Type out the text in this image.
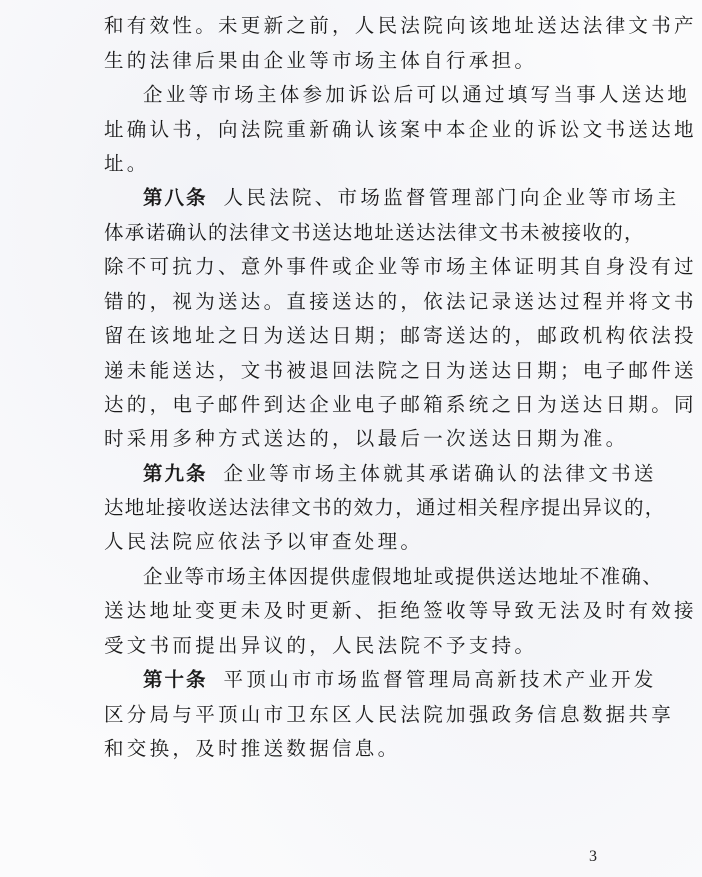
和有效性。未更新之前，人民法院向该地址送达法律文书产
生的法律后果由企业等市场主体自行承担。
企业等市场主体参加诉讼后可以通过填写当事人送达地
址确认书，向法院重新确认该案中本企业的诉讼文书送达地
址。
第八条 人民法院、市场监督管理部门向企业等市场主
体承诺确认的法律文书送达地址送达法律文书未被接收的，
除不可抗力、意外事件或企业等市场主体证明其自身没有过
错的，视为送达。直接送达的，依法记录送达过程并将文书
留在该地址之日为送达日期；邮寄送达的，邮政机构依法投
递未能送达，文书被退回法院之日为送达日期；电子邮件送
达的，电子邮件到达企业电子邮箱系统之日为送达日期。同
时采用多种方式送达的，以最后一次送达日期为准。
第九条 企业等市场主体就其承诺确认的法律文书送
达地址接收送达法律文书的效力，通过相关程序提出异议的，
人民法院应依法予以审查处理。
企业等市场主体因提供虚假地址或提供送达地址不准确、
送达地址变更未及时更新、拒绝签收等导致无法及时有效接
受文书而提出异议的，人民法院不予支持。
第十条 平顶山市市场监督管理局高新技术产业开发
区分局与平顶山市卫东区人民法院加强政务信息数据共享
和交换，及时推送数据信息。
3
